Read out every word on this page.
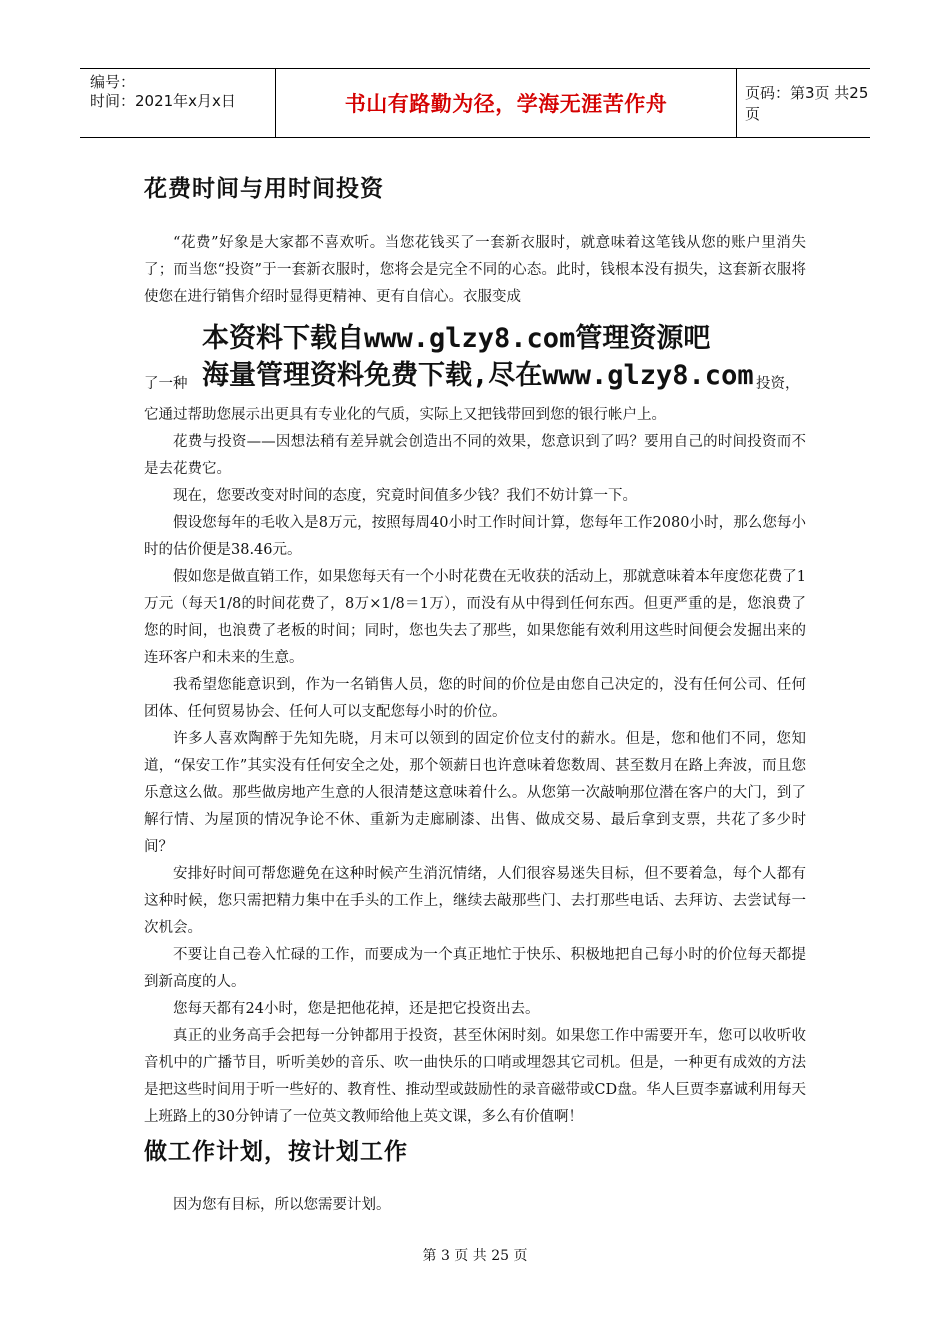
编号：
时间：2021年x月x日	书山有路勤为径，学海无涯苦作舟	页码：第3页 共25页
花费时间与用时间投资

“花费”好象是大家都不喜欢听。当您花钱买了一套新衣服时，就意味着这笔钱从您的账户里消失了；而当您“投资”于一套新衣服时，您将会是完全不同的心态。此时，钱根本没有损失，这套新衣服将使您在进行销售介绍时显得更精神、更有自信心。衣服变成

本资料下载自www.glzy8.com管理资源吧
海量管理资料免费下载,尽在www.glzy8.com
了一种	投资，

它通过帮助您展示出更具有专业化的气质，实际上又把钱带回到您的银行帐户上。

花费与投资——因想法稍有差异就会创造出不同的效果，您意识到了吗？要用自己的时间投资而不是去花费它。

现在，您要改变对时间的态度，究竟时间值多少钱？我们不妨计算一下。

假设您每年的毛收入是8万元，按照每周40小时工作时间计算，您每年工作2080小时，那么您每小时的估价便是38.46元。

假如您是做直销工作，如果您每天有一个小时花费在无收获的活动上，那就意味着本年度您花费了1万元（每天1/8的时间花费了，8万×1/8＝1万），而没有从中得到任何东西。但更严重的是，您浪费了您的时间，也浪费了老板的时间；同时，您也失去了那些，如果您能有效利用这些时间便会发掘出来的连环客户和未来的生意。

我希望您能意识到，作为一名销售人员，您的时间的价位是由您自己决定的，没有任何公司、任何团体、任何贸易协会、任何人可以支配您每小时的价位。

许多人喜欢陶醉于先知先晓，月末可以领到的固定价位支付的薪水。但是，您和他们不同，您知道，“保安工作”其实没有任何安全之处，那个领薪日也许意味着您数周、甚至数月在路上奔波，而且您乐意这么做。那些做房地产生意的人很清楚这意味着什么。从您第一次敲响那位潜在客户的大门，到了解行情、为屋顶的情况争论不休、重新为走廊刷漆、出售、做成交易、最后拿到支票，共花了多少时间？

安排好时间可帮您避免在这种时候产生消沉情绪，人们很容易迷失目标，但不要着急，每个人都有这种时候，您只需把精力集中在手头的工作上，继续去敲那些门、去打那些电话、去拜访、去尝试每一次机会。

不要让自己卷入忙碌的工作，而要成为一个真正地忙于快乐、积极地把自己每小时的价位每天都提到新高度的人。

您每天都有24小时，您是把他花掉，还是把它投资出去。

真正的业务高手会把每一分钟都用于投资，甚至休闲时刻。如果您工作中需要开车，您可以收听收音机中的广播节目，听听美妙的音乐、吹一曲快乐的口哨或埋怨其它司机。但是，一种更有成效的方法是把这些时间用于听一些好的、教育性、推动型或鼓励性的录音磁带或CD盘。华人巨贾李嘉诚利用每天上班路上的30分钟请了一位英文教师给他上英文课，多么有价值啊！

做工作计划，按计划工作

因为您有目标，所以您需要计划。

第 3 页 共 25 页
